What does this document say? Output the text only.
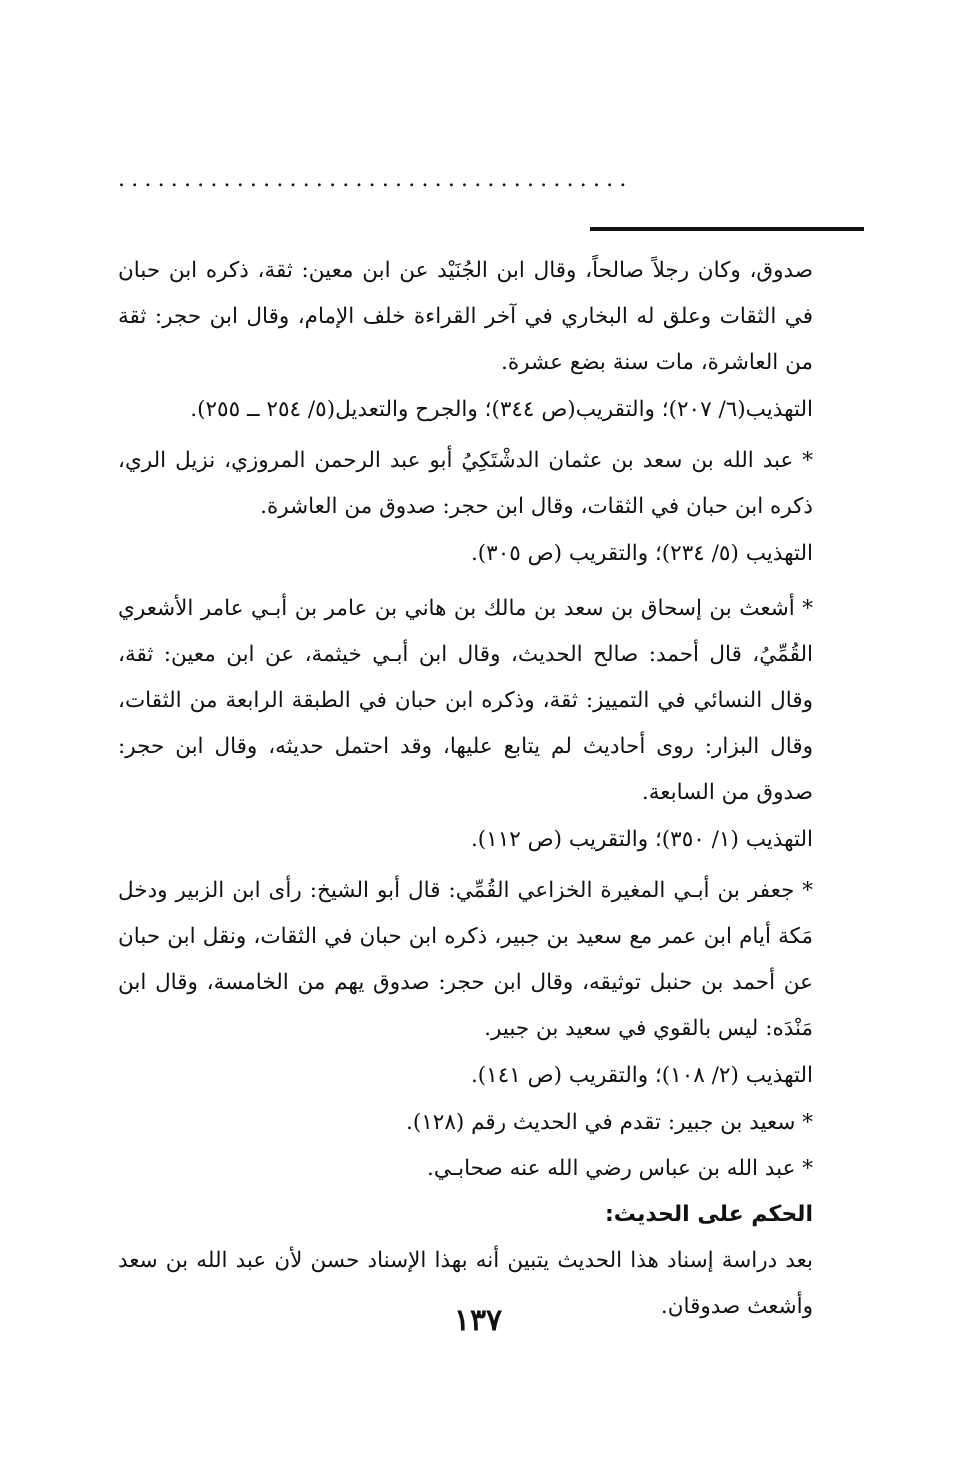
.......................................

صدوق، وكان رجلاً صالحاً، وقال ابن الجُنَيْد عن ابن معين: ثقة، ذكره ابن حبان في الثقات وعلق له البخاري في آخر القراءة خلف الإمام، وقال ابن حجر: ثقة من العاشرة، مات سنة بضع عشرة.

التهذيب(٦/ ٢٠٧)؛ والتقريب(ص ٣٤٤)؛ والجرح والتعديل(٥/ ٢٥٤ ــ ٢٥٥).

* عبد الله بن سعد بن عثمان الدشْتَكِيُ أبو عبد الرحمن المروزي، نزيل الري، ذكره ابن حبان في الثقات، وقال ابن حجر: صدوق من العاشرة.

التهذيب (٥/ ٢٣٤)؛ والتقريب (ص ٣٠٥).

* أشعث بن إسحاق بن سعد بن مالك بن هاني بن عامر بن أبـي عامر الأشعري القُمِّيُ، قال أحمد: صالح الحديث، وقال ابن أبـي خيثمة، عن ابن معين: ثقة، وقال النسائي في التمييز: ثقة، وذكره ابن حبان في الطبقة الرابعة من الثقات، وقال البزار: روى أحاديث لم يتابع عليها، وقد احتمل حديثه، وقال ابن حجر: صدوق من السابعة.

التهذيب (١/ ٣٥٠)؛ والتقريب (ص ١١٢).

* جعفر بن أبـي المغيرة الخزاعي القُمِّي: قال أبو الشيخ: رأى ابن الزبير ودخل مَكة أيام ابن عمر مع سعيد بن جبير، ذكره ابن حبان في الثقات، ونقل ابن حبان عن أحمد بن حنبل توثيقه، وقال ابن حجر: صدوق يهم من الخامسة، وقال ابن مَنْدَه: ليس بالقوي في سعيد بن جبير.

التهذيب (٢/ ١٠٨)؛ والتقريب (ص ١٤١).

* سعيد بن جبير: تقدم في الحديث رقم (١٢٨).

* عبد الله بن عباس رضي الله عنه صحابـي.

الحكم على الحديث:

بعد دراسة إسناد هذا الحديث يتبين أنه بهذا الإسناد حسن لأن عبد الله بن سعد وأشعث صدوقان.

١٣٧
